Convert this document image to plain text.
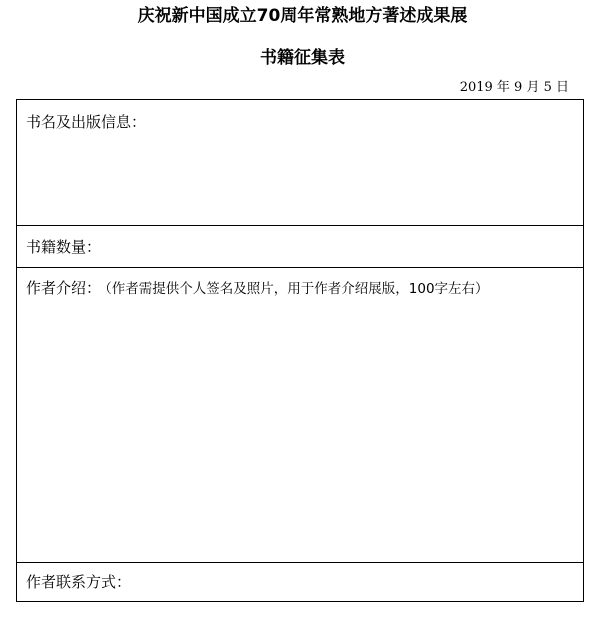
庆祝新中国成立70周年常熟地方著述成果展
书籍征集表
2019 年 9 月 5 日
书名及出版信息：
书籍数量：
作者介绍： （作者需提供个人签名及照片，用于作者介绍展版，100字左右）
作者联系方式：
